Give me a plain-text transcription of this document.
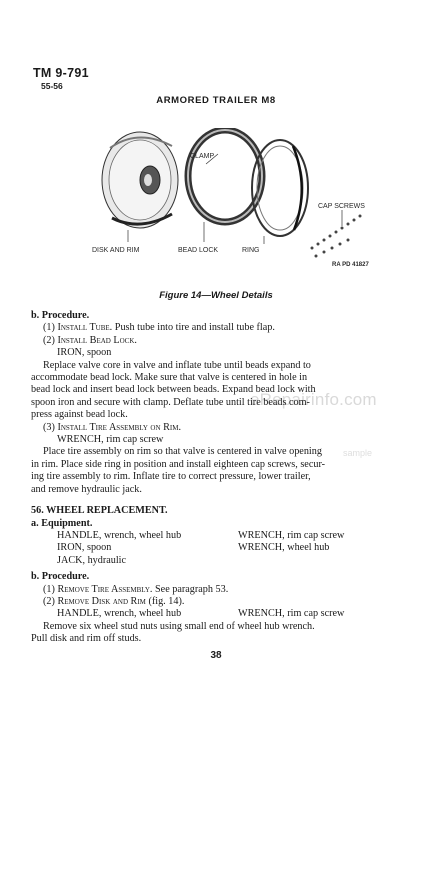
TM 9-791
55-56
ARMORED TRAILER M8
DISK AND RIM
CLAMP
BEAD LOCK	RING
CAP SCREWS
RA PD 41827
Figure 14—Wheel Details
eRepairinfo.com
sample

b. Procedure.

(1) Install Tube. Push tube into tire and install tube flap.

(2) Install Bead Lock.

IRON, spoon

Replace valve core in valve and inflate tube until beads expand to

accommodate bead lock. Make sure that valve is centered in hole in

bead lock and insert bead lock between beads. Expand bead lock with

spoon iron and secure with clamp. Deflate tube until tire beads com-

press against bead lock.

(3) Install Tire Assembly on Rim.

WRENCH, rim cap screw

Place tire assembly on rim so that valve is centered in valve opening

in rim. Place side ring in position and install eighteen cap screws, secur-

ing tire assembly to rim. Inflate tire to correct pressure, lower trailer,

and remove hydraulic jack.

56. WHEEL REPLACEMENT.

a. Equipment.

HANDLE, wrench, wheel hub

IRON, spoon

JACK, hydraulic

WRENCH, rim cap screw

WRENCH, wheel hub

b. Procedure.

(1) Remove Tire Assembly. See paragraph 53.

(2) Remove Disk and Rim (fig. 14).

HANDLE, wrench, wheel hub	WRENCH, rim cap screw

Remove six wheel stud nuts using small end of wheel hub wrench.

Pull disk and rim off studs.

38
